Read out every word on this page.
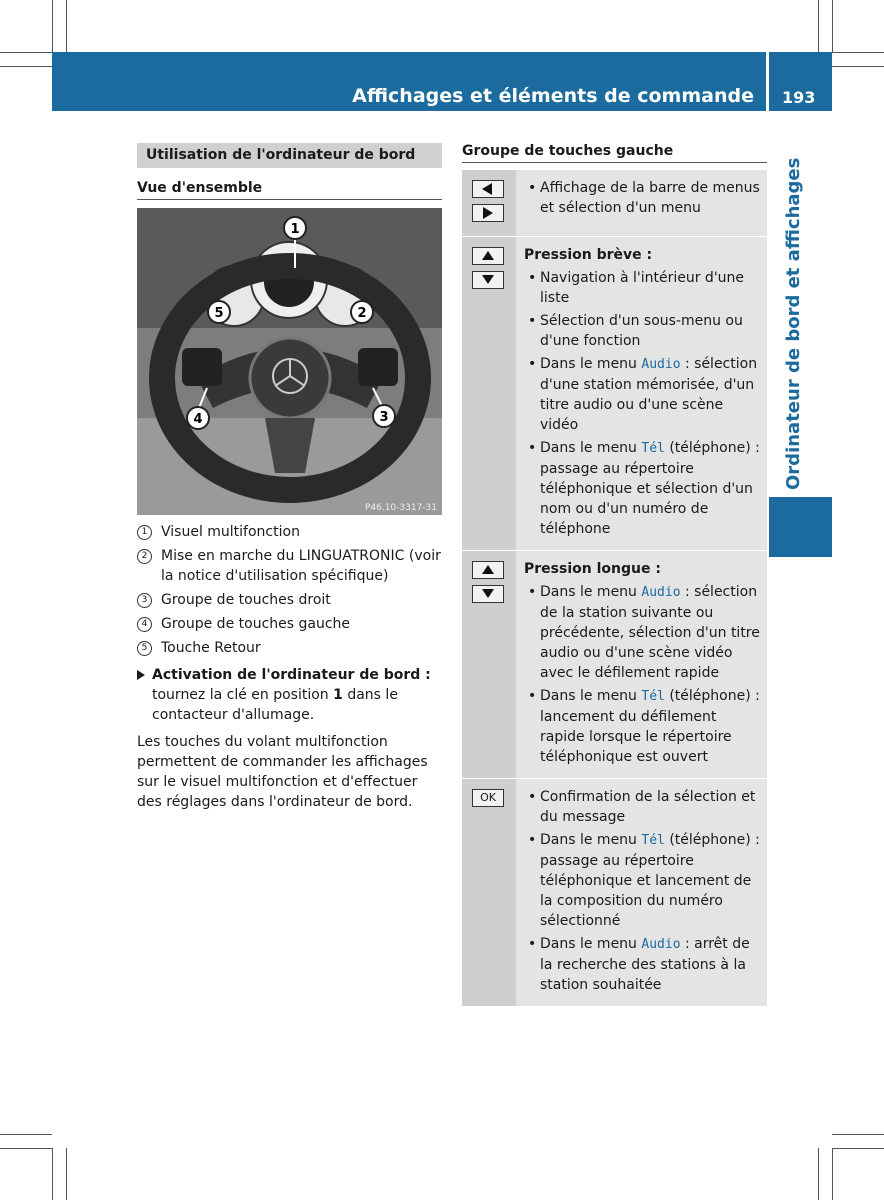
Affichages et éléments de commande 193
Ordinateur de bord et affichages
Utilisation de l'ordinateur de bord
Vue d'ensemble
1
2
3
4
5
P46.10-3317-31
1 Visuel multifonction
2 Mise en marche du LINGUATRONIC (voir la notice d'utilisation spécifique)
3 Groupe de touches droit
4 Groupe de touches gauche
5 Touche Retour
Activation de l'ordinateur de bord : tournez la clé en position 1 dans le contacteur d'allumage.
Les touches du volant multifonction permettent de commander les affichages sur le visuel multifonction et d'effectuer des réglages dans l'ordinateur de bord.
Groupe de touches gauche
• Affichage de la barre de menus et sélection d'un menu
Pression brève :
• Navigation à l'intérieur d'une liste
• Sélection d'un sous-menu ou d'une fonction
• Dans le menu Audio : sélection d'une station mémorisée, d'un titre audio ou d'une scène vidéo
• Dans le menu Tél (téléphone) : passage au répertoire téléphonique et sélection d'un nom ou d'un numéro de téléphone
Pression longue :
• Dans le menu Audio : sélection de la station suivante ou précédente, sélection d'un titre audio ou d'une scène vidéo avec le défilement rapide
• Dans le menu Tél (téléphone) : lancement du défilement rapide lorsque le répertoire téléphonique est ouvert
OK
•	Confirmation de la sélection et du message
• Dans le menu Tél (téléphone) : passage au répertoire téléphonique et lancement de la composition du numéro sélectionné
• Dans le menu Audio : arrêt de la recherche des stations à la station souhaitée
